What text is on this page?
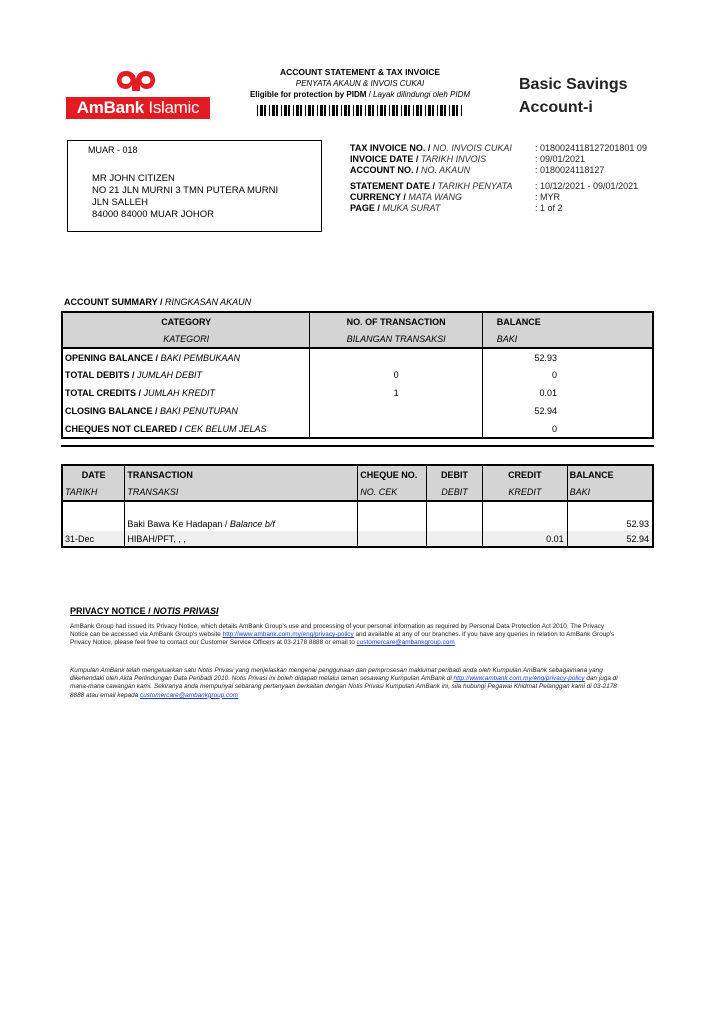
AmBank Islamic
ACCOUNT STATEMENT & TAX INVOICE
PENYATA AKAUN & INVOIS CUKAI
Eligible for protection by PIDM / Layak dilindungi oleh PIDM
Basic Savings
Account-i
MUAR - 018
MR JOHN CITIZEN
NO 21 JLN MURNI 3 TMN PUTERA MURNI
JLN SALLEH
84000 84000 MUAR JOHOR
TAX INVOICE NO. / NO. INVOIS CUKAI	: 0180024118127201801 09
INVOICE DATE / TARIKH INVOIS	: 09/01/2021
ACCOUNT NO. / NO. AKAUN	: 0180024118127
STATEMENT DATE / TARIKH PENYATA : 10/12/2021 - 09/01/2021
CURRENCY / MATA WANG	: MYR
PAGE / MUKA SURAT	: 1 of 2
ACCOUNT SUMMARY / RINGKASAN AKAUN
CATEGORY	NO. OF TRANSACTION	BALANCE
KATEGORI	BILANGAN TRANSAKSI	BAKI
OPENING BALANCE / BAKI PEMBUKAAN		52.93
TOTAL DEBITS / JUMLAH DEBIT	0	0
TOTAL CREDITS / JUMLAH KREDIT	1	0.01
CLOSING BALANCE / BAKI PENUTUPAN		52.94
CHEQUES NOT CLEARED / CEK BELUM JELAS		0
DATE	TRANSACTION	CHEQUE NO.	DEBIT	CREDIT	BALANCE
TARIKH	TRANSAKSI	NO. CEK	DEBIT	KREDIT	BAKI

	Baki Bawa Ke Hadapan / Balance b/f				52.93
31-Dec	HIBAH/PFT, , ,			0.01	52.94
PRIVACY NOTICE / NOTIS PRIVASI
AmBank Group had issued its Privacy Notice, which details AmBank Group’s use and processing of your personal information as required by Personal Data Protection Act 2010. The Privacy Notice can be accessed via AmBank Group’s website http://www.ambank.com.my/eng/privacy-policy and available at any of our branches. If you have any queries in relation to AmBank Group’s Privacy Notice, please feel free to contact our Customer Service Officers at 03-2178 8888 or email to customercare@ambankgroup.com
Kumpulan AmBank telah mengeluarkan satu Notis Privasi yang menjelaskan mengenai penggunaan dan pemprosesan maklumat peribadi anda oleh Kumpulan AmBank sebagaimana yang dikehendaki oleh Akta Perlindungan Data Peribadi 2010. Notis Privasi ini boleh didapati melalui laman sesawang Kumpulan AmBank di http://www.ambank.com.my/eng/privacy-policy dan juga di mana-mana cawangan kami. Sekiranya anda mempunyai sebarang pertanyaan berkaitan dengan Notis Privasi Kumpulan AmBank ini, sila hubungi Pegawai Khidmat Pelanggan kami di 03-2178 8888 atau email kepada customercare@ambankgroup.com
